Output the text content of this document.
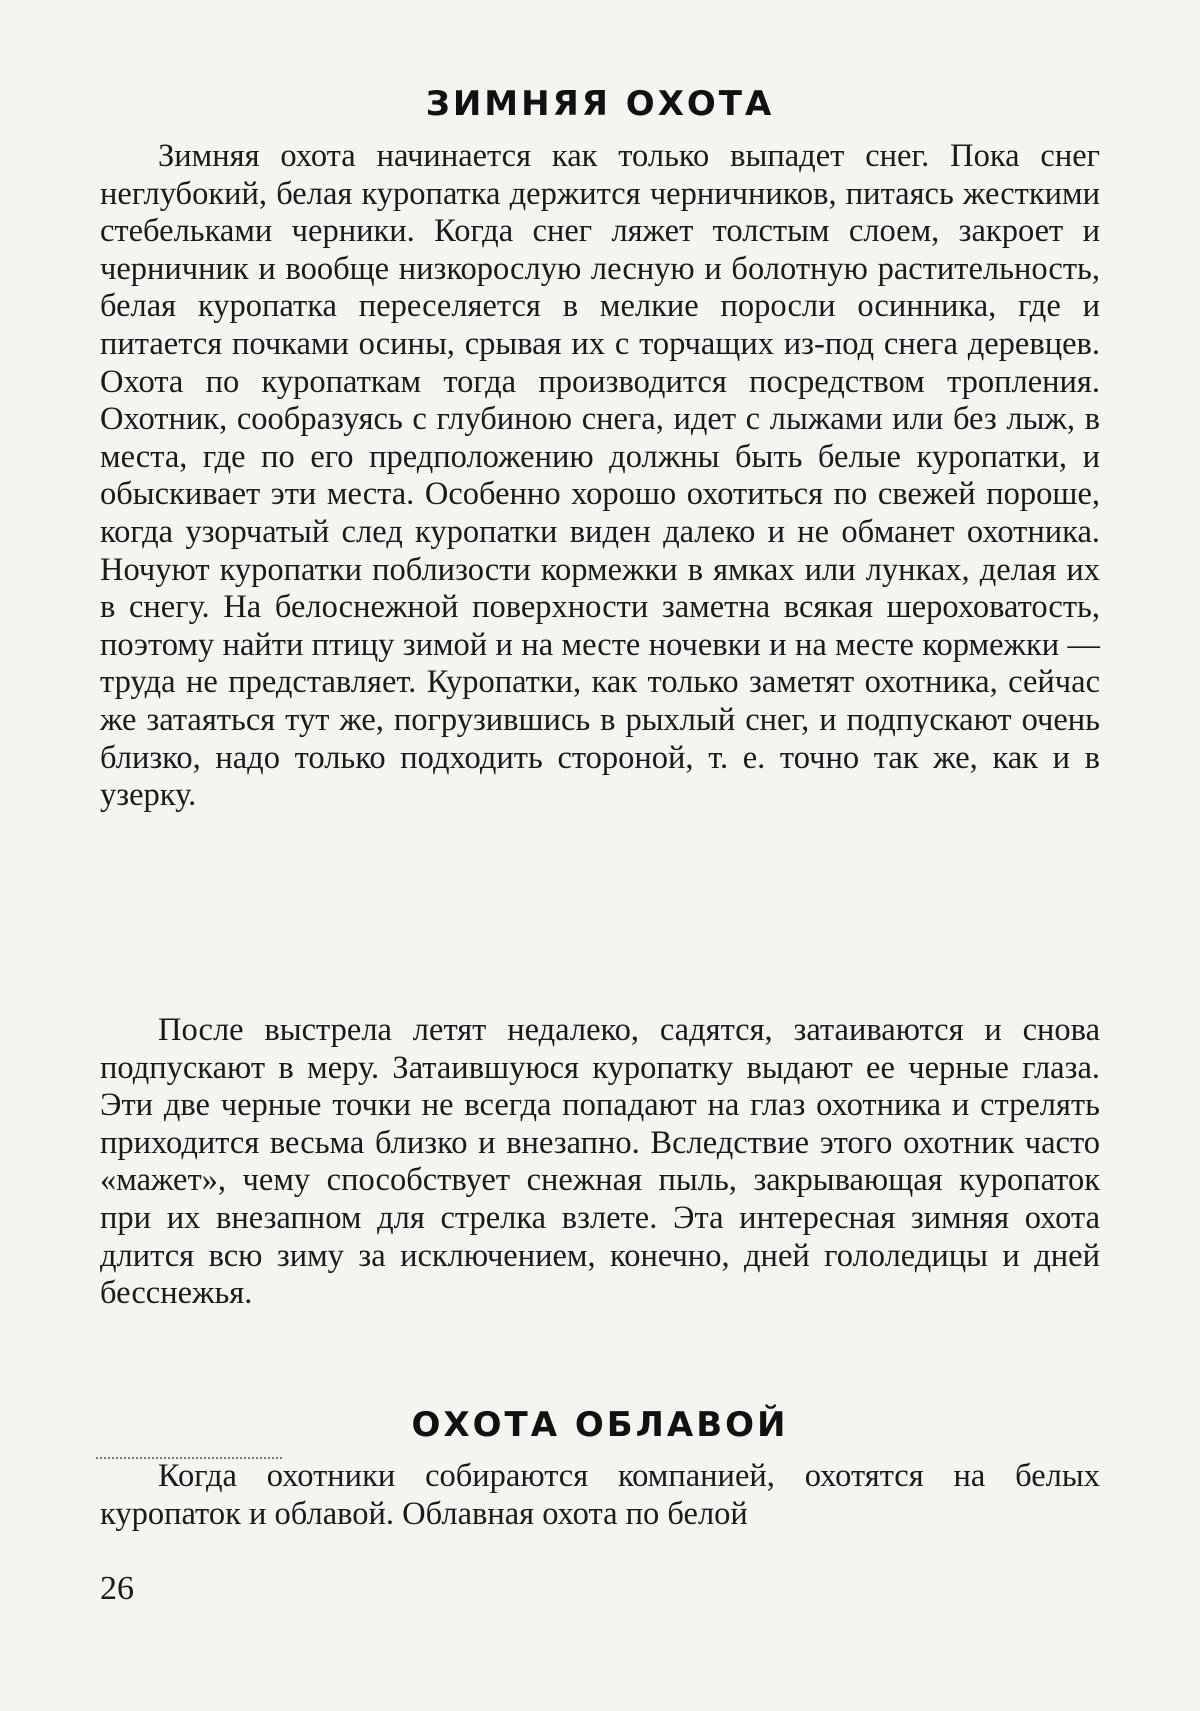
ЗИМНЯЯ ОХОТА

Зимняя охота начинается как только выпадет снег. Пока снег неглубокий, белая куропатка держится черничников, питаясь жесткими стебельками черники. Когда снег ляжет толстым слоем, закроет и черничник и вообще низкорослую лесную и болотную растительность, белая куропатка переселяется в мелкие поросли осинника, где и питается почками осины, срывая их с торчащих из-под снега деревцев. Охота по куропаткам тогда производится посредством тропления. Охотник, сообразуясь с глубиною снега, идет с лыжами или без лыж, в места, где по его предположению должны быть белые куропатки, и обыскивает эти места. Особенно хорошо охотиться по свежей пороше, когда узорчатый след куропатки виден далеко и не обманет охотника. Ночуют куропатки поблизости кормежки в ямках или лунках, делая их в снегу. На белоснежной поверхности заметна всякая шероховатость, поэтому найти птицу зимой и на месте ночевки и на месте кормежки — труда не представляет. Куропатки, как только заметят охотника, сейчас же затаяться тут же, погрузившись в рыхлый снег, и подпускают очень близко, надо только подходить стороной, т. е. точно так же, как и в узерку.

После выстрела летят недалеко, садятся, затаиваются и снова подпускают в меру. Затаившуюся куропатку выдают ее черные глаза. Эти две черные точки не всегда попадают на глаз охотника и стрелять приходится весьма близко и внезапно. Вследствие этого охотник часто «мажет», чему способствует снежная пыль, закрывающая куропаток при их внезапном для стрелка взлете. Эта интересная зимняя охота длится всю зиму за исключением, конечно, дней гололедицы и дней бесснежья.

ОХОТА ОБЛАВОЙ

Когда охотники собираются компанией, охотятся на белых куропаток и облавой. Облавная охота по белой

26
